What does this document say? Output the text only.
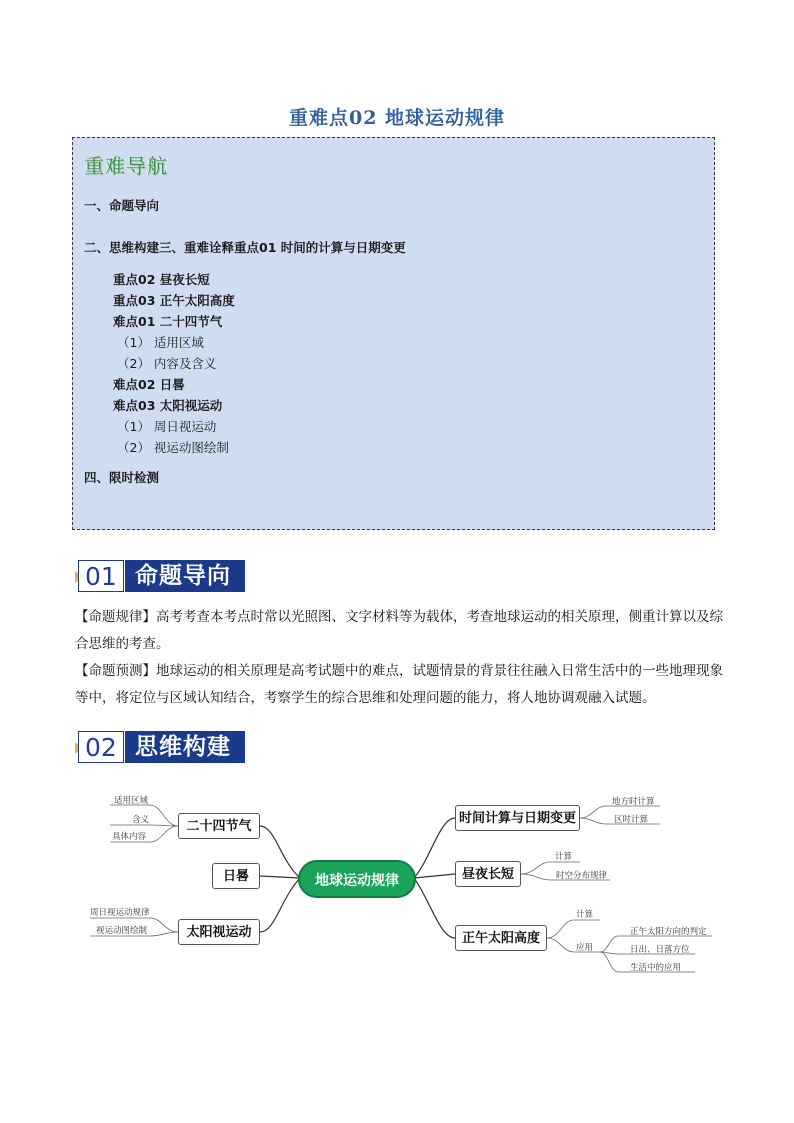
重难点02 地球运动规律
重难导航
一、命题导向
二、思维构建三、重难诠释重点01 时间的计算与日期变更
重点02 昼夜长短
重点03 正午太阳高度
难点01 二十四节气
（1） 适用区域
（2） 内容及含义
难点02 日晷
难点03 太阳视运动
（1） 周日视运动
（2） 视运动图绘制
四、限时检测
01 命题导向
【命题规律】高考考查本考点时常以光照图、文字材料等为载体，考查地球运动的相关原理，侧重计算以及综合思维的考查。
【命题预测】地球运动的相关原理是高考试题中的难点，试题情景的背景往往融入日常生活中的一些地理现象等中，将定位与区域认知结合，考察学生的综合思维和处理问题的能力，将人地协调观融入试题。
02 思维构建
地球运动规律
二十四节气
日晷
太阳视运动
时间计算与日期变更
昼夜长短
正午太阳高度
适用区域
含义
具体内容
周日视运动规律
视运动图绘制
地方时计算
区时计算
计算
时空分布规律
计算
应用
正午太阳方向的判定
日出、日落方位
生活中的应用
